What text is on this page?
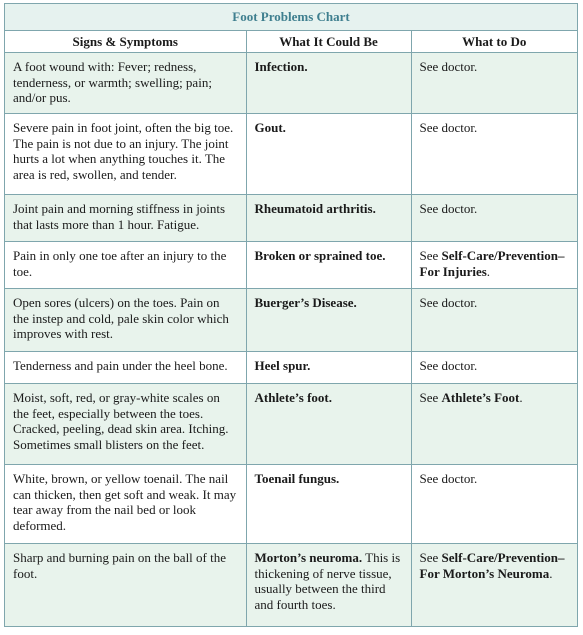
Foot Problems Chart
Signs & Symptoms	What It Could Be	What to Do
A foot wound with: Fever; redness, tenderness, or warmth; swelling; pain; and/or pus.	Infection.	See doctor.
Severe pain in foot joint, often the big toe. The pain is not due to an injury. The joint hurts a lot when anything touches it. The area is red, swollen, and tender.	Gout.	See doctor.
Joint pain and morning stiffness in joints that lasts more than 1 hour. Fatigue.	Rheumatoid arthritis.	See doctor.
Pain in only one toe after an injury to the toe.	Broken or sprained toe.	See Self-Care/Prevention–For Injuries.
Open sores (ulcers) on the toes. Pain on the instep and cold, pale skin color which improves with rest.	Buerger’s Disease.	See doctor.
Tenderness and pain under the heel bone.	Heel spur.	See doctor.
Moist, soft, red, or gray-white scales on the feet, especially between the toes. Cracked, peeling, dead skin area. Itching. Sometimes small blisters on the feet.	Athlete’s foot.	See Athlete’s Foot.
White, brown, or yellow toenail. The nail can thicken, then get soft and weak. It may tear away from the nail bed or look deformed.	Toenail fungus.	See doctor.
Sharp and burning pain on the ball of the foot.	Morton’s neuroma. This is thickening of nerve tissue, usually between the third and fourth toes.	See Self-Care/Prevention–For Morton’s Neuroma.
